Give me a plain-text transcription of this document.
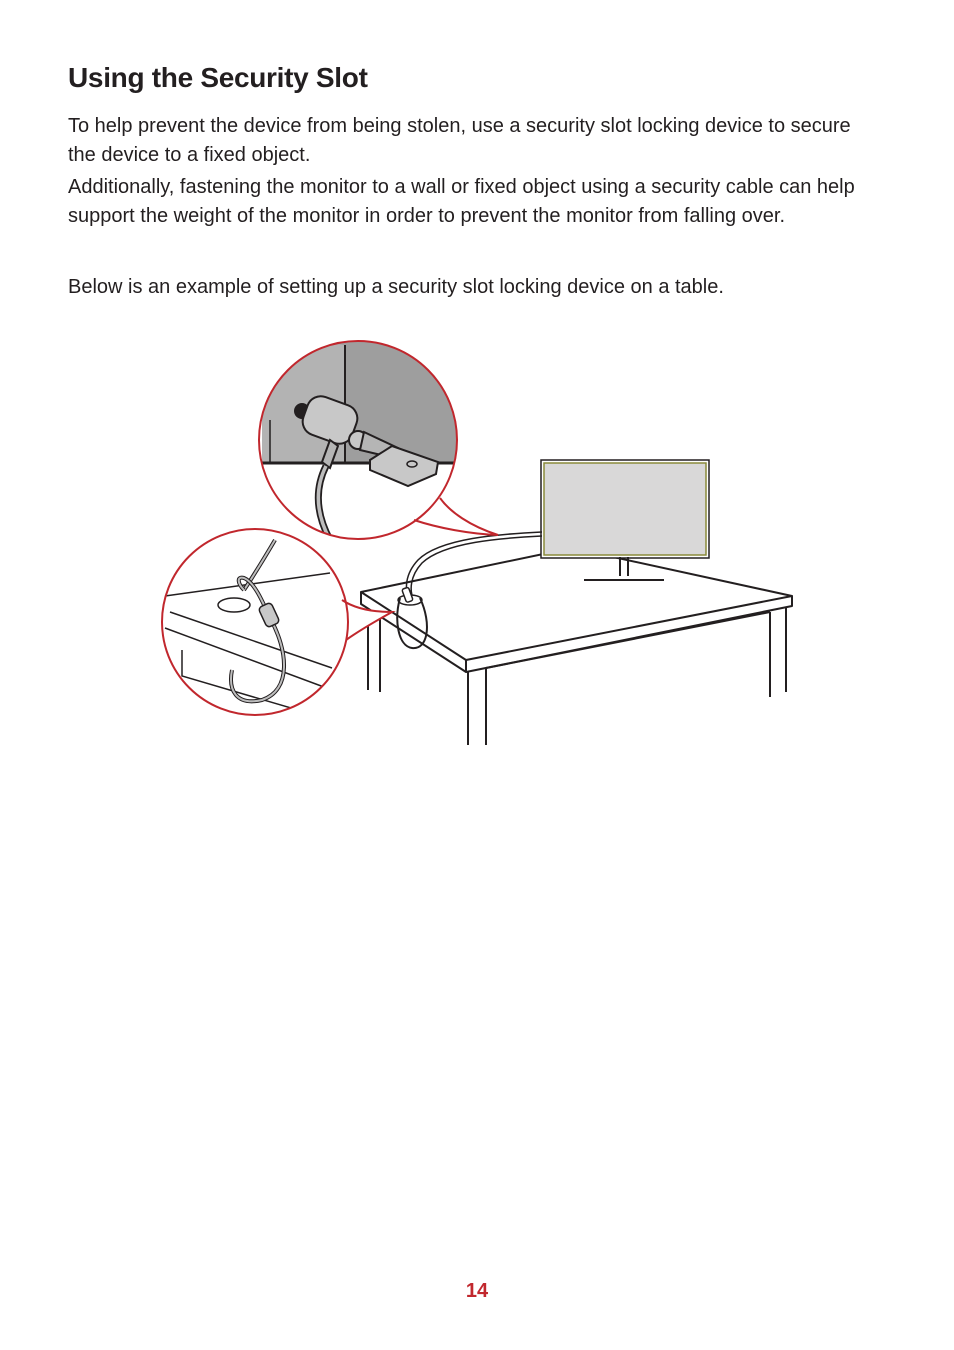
Using the Security Slot

To help prevent the device from being stolen, use a security slot locking device to secure the device to a fixed object.

Additionally, fastening the monitor to a wall or fixed object using a security cable can help support the weight of the monitor in order to prevent the monitor from falling over.

Below is an example of setting up a security slot locking device on a table.

14
